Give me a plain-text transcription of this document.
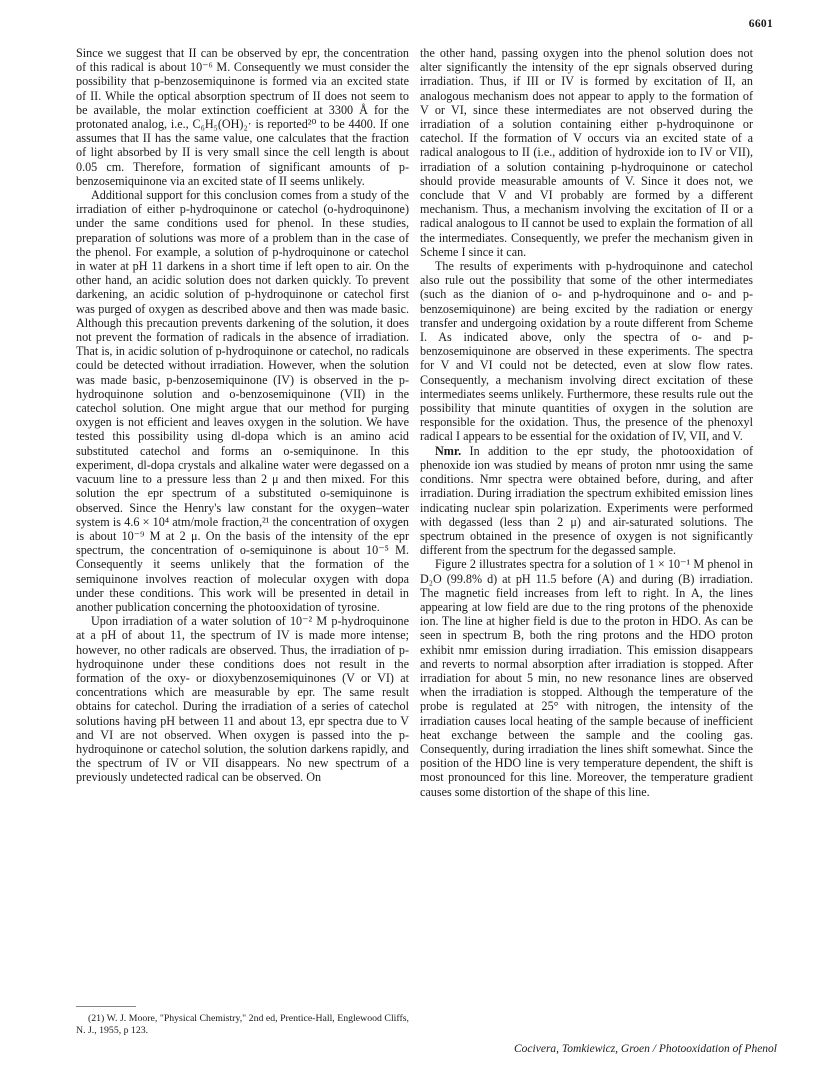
6601

Since we suggest that II can be observed by epr, the concentration of this radical is about 10⁻⁶ M. Consequently we must consider the possibility that p-benzosemiquinone is formed via an excited state of II. While the optical absorption spectrum of II does not seem to be available, the molar extinction coefficient at 3300 Å for the protonated analog, i.e., C₆H₅(OH)₂· is reported²⁰ to be 4400. If one assumes that II has the same value, one calculates that the fraction of light absorbed by II is very small since the cell length is about 0.05 cm. Therefore, formation of significant amounts of p-benzosemiquinone via an excited state of II seems unlikely.

Additional support for this conclusion comes from a study of the irradiation of either p-hydroquinone or catechol (o-hydroquinone) under the same conditions used for phenol. In these studies, preparation of solutions was more of a problem than in the case of the phenol. For example, a solution of p-hydroquinone or catechol in water at pH 11 darkens in a short time if left open to air. On the other hand, an acidic solution does not darken quickly. To prevent darkening, an acidic solution of p-hydroquinone or catechol first was purged of oxygen as described above and then was made basic. Although this precaution prevents darkening of the solution, it does not prevent the formation of radicals in the absence of irradiation. That is, in acidic solution of p-hydroquinone or catechol, no radicals could be detected without irradiation. However, when the solution was made basic, p-benzosemiquinone (IV) is observed in the p-hydroquinone solution and o-benzosemiquinone (VII) in the catechol solution. One might argue that our method for purging oxygen is not efficient and leaves oxygen in the solution. We have tested this possibility using dl-dopa which is an amino acid substituted catechol and forms an o-semiquinone. In this experiment, dl-dopa crystals and alkaline water were degassed on a vacuum line to a pressure less than 2 μ and then mixed. For this solution the epr spectrum of a substituted o-semiquinone is observed. Since the Henry's law constant for the oxygen–water system is 4.6 × 10⁴ atm/mole fraction,²¹ the concentration of oxygen is about 10⁻⁹ M at 2 μ. On the basis of the intensity of the epr spectrum, the concentration of o-semiquinone is about 10⁻⁵ M. Consequently it seems unlikely that the formation of the semiquinone involves reaction of molecular oxygen with dopa under these conditions. This work will be presented in detail in another publication concerning the photooxidation of tyrosine.

Upon irradiation of a water solution of 10⁻² M p-hydroquinone at a pH of about 11, the spectrum of IV is made more intense; however, no other radicals are observed. Thus, the irradiation of p-hydroquinone under these conditions does not result in the formation of the oxy- or dioxybenzosemiquinones (V or VI) at concentrations which are measurable by epr. The same result obtains for catechol. During the irradiation of a series of catechol solutions having pH between 11 and about 13, epr spectra due to V and VI are not observed. When oxygen is passed into the p-hydroquinone or catechol solution, the solution darkens rapidly, and the spectrum of IV or VII disappears. No new spectrum of a previously undetected radical can be observed. On

the other hand, passing oxygen into the phenol solution does not alter significantly the intensity of the epr signals observed during irradiation. Thus, if III or IV is formed by excitation of II, an analogous mechanism does not appear to apply to the formation of V or VI, since these intermediates are not observed during the irradiation of a solution containing either p-hydroquinone or catechol. If the formation of V occurs via an excited state of a radical analogous to II (i.e., addition of hydroxide ion to IV or VII), irradiation of a solution containing p-hydroquinone or catechol should provide measurable amounts of V. Since it does not, we conclude that V and VI probably are formed by a different mechanism. Thus, a mechanism involving the excitation of II or a radical analogous to II cannot be used to explain the formation of all the intermediates. Consequently, we prefer the mechanism given in Scheme I since it can.

The results of experiments with p-hydroquinone and catechol also rule out the possibility that some of the other intermediates (such as the dianion of o- and p-hydroquinone and o- and p-benzosemiquinone) are being excited by the radiation or energy transfer and undergoing oxidation by a route different from Scheme I. As indicated above, only the spectra of o- and p-benzosemiquinone are observed in these experiments. The spectra for V and VI could not be detected, even at slow flow rates. Consequently, a mechanism involving direct excitation of these intermediates seems unlikely. Furthermore, these results rule out the possibility that minute quantities of oxygen in the solution are responsible for the oxidation. Thus, the presence of the phenoxyl radical I appears to be essential for the oxidation of IV, VII, and V.

Nmr. In addition to the epr study, the photooxidation of phenoxide ion was studied by means of proton nmr using the same conditions. Nmr spectra were obtained before, during, and after irradiation. During irradiation the spectrum exhibited emission lines indicating nuclear spin polarization. Experiments were performed with degassed (less than 2 μ) and air-saturated solutions. The spectrum obtained in the presence of oxygen is not significantly different from the spectrum for the degassed sample.

Figure 2 illustrates spectra for a solution of 1 × 10⁻¹ M phenol in D₂O (99.8% d) at pH 11.5 before (A) and during (B) irradiation. The magnetic field increases from left to right. In A, the lines appearing at low field are due to the ring protons of the phenoxide ion. The line at higher field is due to the proton in HDO. As can be seen in spectrum B, both the ring protons and the HDO proton exhibit nmr emission during irradiation. This emission disappears and reverts to normal absorption after irradiation is stopped. After irradiation for about 5 min, no new resonance lines are observed when the irradiation is stopped. Although the temperature of the probe is regulated at 25° with nitrogen, the intensity of the irradiation causes local heating of the sample because of inefficient heat exchange between the sample and the cooling gas. Consequently, during irradiation the lines shift somewhat. Since the position of the HDO line is very temperature dependent, the shift is most pronounced for this line. Moreover, the temperature gradient causes some distortion of the shape of this line.

(21) W. J. Moore, "Physical Chemistry," 2nd ed, Prentice-Hall, Englewood Cliffs, N. J., 1955, p 123.

Cocivera, Tomkiewicz, Groen / Photooxidation of Phenol
